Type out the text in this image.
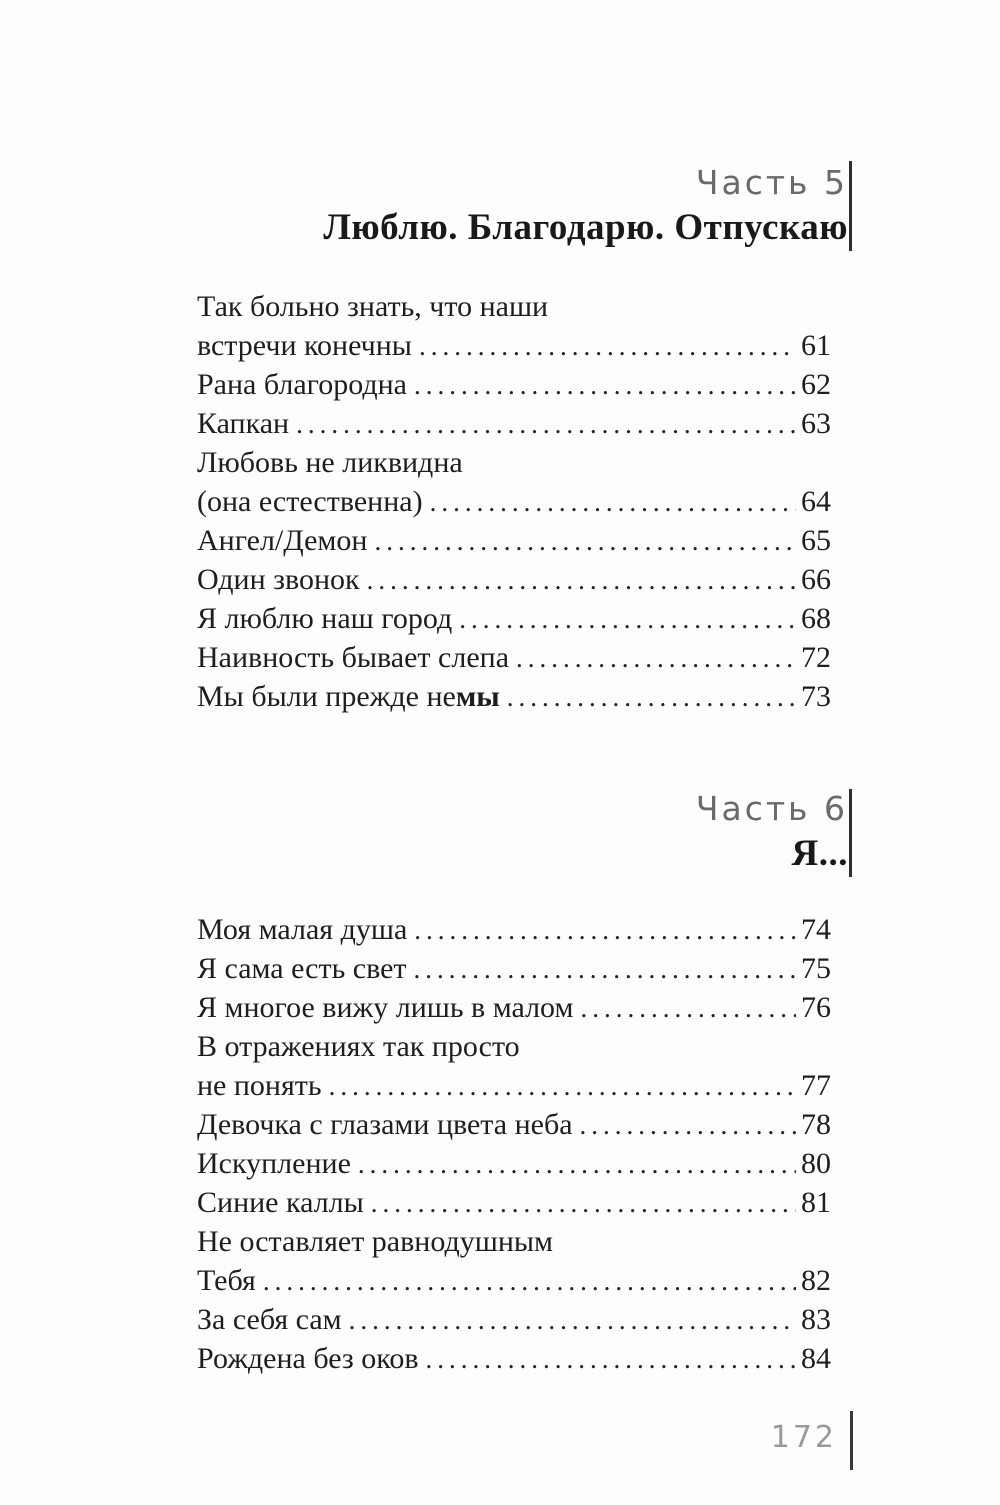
Часть 5
Люблю. Благодарю. Отпускаю
Так больно знать, что наши
встречи конечны .....	61
Рана благородна .....	62
Капкан .....	63
Любовь не ликвидна
(она естественна) .....	64
Ангел/Демон .....	65
Один звонок .....	66
Я люблю наш город .....	68
Наивность бывает слепа .....	72
Мы были прежде немы .....	73
Часть 6
Я...
Моя малая душа .....	74
Я сама есть свет .....	75
Я многое вижу лишь в малом .....	76
В отражениях так просто
не понять .....	77
Девочка с глазами цвета неба .....	78
Искупление .....	80
Синие каллы .....	81
Не оставляет равнодушным
Тебя .....	82
За себя сам .....	83
Рождена без оков .....	84
172
